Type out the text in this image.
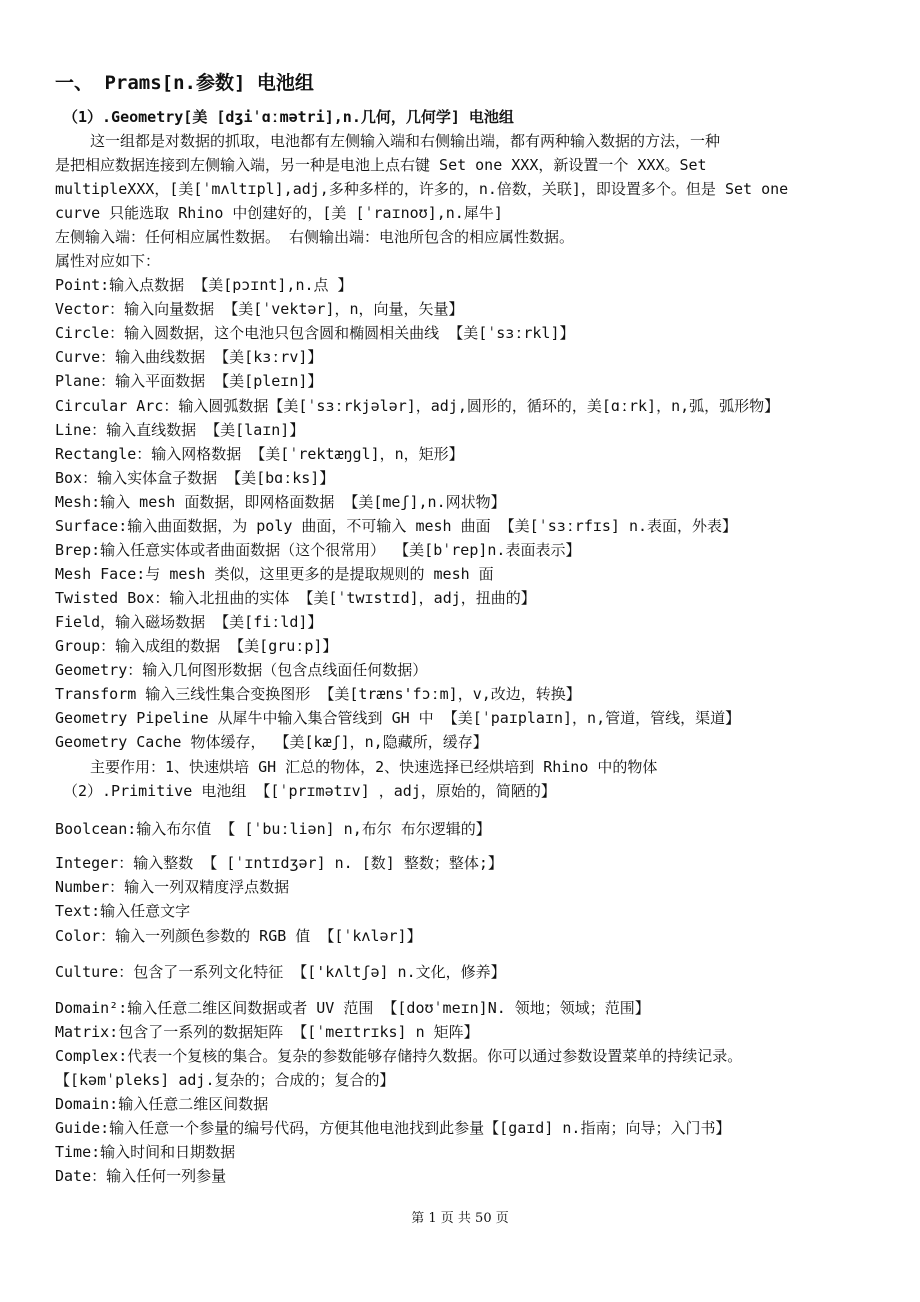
一、 Prams[n.参数] 电池组
（1）.Geometry[美 [dʒiˈɑːmətri],n.几何，几何学] 电池组
这一组都是对数据的抓取，电池都有左侧输入端和右侧输出端，都有两种输入数据的方法，一种
是把相应数据连接到左侧输入端，另一种是电池上点右键 Set one XXX，新设置一个 XXX。Set
multipleXXX，[美[ˈmʌltɪpl],adj,多种多样的，许多的，n.倍数，关联]，即设置多个。但是 Set one
curve 只能选取 Rhino 中创建好的，[美 [ˈraɪnoʊ],n.犀牛]
左侧输入端：任何相应属性数据。 右侧输出端：电池所包含的相应属性数据。
属性对应如下：
Point:输入点数据 【美[pɔɪnt],n.点 】
Vector：输入向量数据 【美[ˈvektər]，n，向量，矢量】
Circle：输入圆数据，这个电池只包含圆和椭圆相关曲线 【美[ˈsɜːrkl]】
Curve：输入曲线数据 【美[kɜːrv]】
Plane：输入平面数据 【美[pleɪn]】
Circular Arc：输入圆弧数据【美[ˈsɜːrkjələr]，adj,圆形的，循环的，美[ɑːrk]，n,弧，弧形物】
Line：输入直线数据 【美[laɪn]】
Rectangle：输入网格数据 【美[ˈrektæŋgl]，n，矩形】
Box：输入实体盒子数据 【美[bɑːks]】
Mesh:输入 mesh 面数据，即网格面数据 【美[meʃ],n.网状物】
Surface:输入曲面数据，为 poly 曲面，不可输入 mesh 曲面 【美[ˈsɜːrfɪs] n.表面，外表】
Brep:输入任意实体或者曲面数据（这个很常用） 【美[bˈrep]n.表面表示】
Mesh Face:与 mesh 类似，这里更多的是提取规则的 mesh 面
Twisted Box：输入北扭曲的实体 【美[ˈtwɪstɪd]，adj，扭曲的】
Field，输入磁场数据 【美[fiːld]】
Group：输入成组的数据 【美[gruːp]】
Geometry：输入几何图形数据（包含点线面任何数据）
Transform 输入三线性集合变换图形 【美[træns'fɔːm]，v,改边，转换】
Geometry Pipeline 从犀牛中输入集合管线到 GH 中 【美[ˈpaɪplaɪn]，n,管道，管线，渠道】
Geometry Cache 物体缓存， 【美[kæʃ]，n,隐藏所，缓存】
主要作用：1、快速烘培 GH 汇总的物体，2、快速选择已经烘培到 Rhino 中的物体
（2）.Primitive 电池组 【[ˈprɪmətɪv] ，adj，原始的，简陋的】
Boolcean:输入布尔值 【 [ˈbuːliən] n,布尔 布尔逻辑的】
Integer：输入整数 【 [ˈɪntɪdʒər] n. [数] 整数；整体;】
Number：输入一列双精度浮点数据
Text:输入任意文字
Color：输入一列颜色参数的 RGB 值 【[ˈkʌlər]】
Culture：包含了一系列文化特征 【['kʌltʃə] n.文化，修养】
Domain²:输入任意二维区间数据或者 UV 范围 【[doʊˈmeɪn]N. 领地；领域；范围】
Matrix:包含了一系列的数据矩阵 【[ˈmeɪtrɪks] n 矩阵】
Complex:代表一个复核的集合。复杂的参数能够存储持久数据。你可以通过参数设置菜单的持续记录。
【[kəmˈpleks] adj.复杂的；合成的；复合的】
Domain:输入任意二维区间数据
Guide:输入任意一个参量的编号代码，方便其他电池找到此参量【[gaɪd] n.指南；向导；入门书】
Time:输入时间和日期数据
Date：输入任何一列参量
第 1 页 共 50 页
